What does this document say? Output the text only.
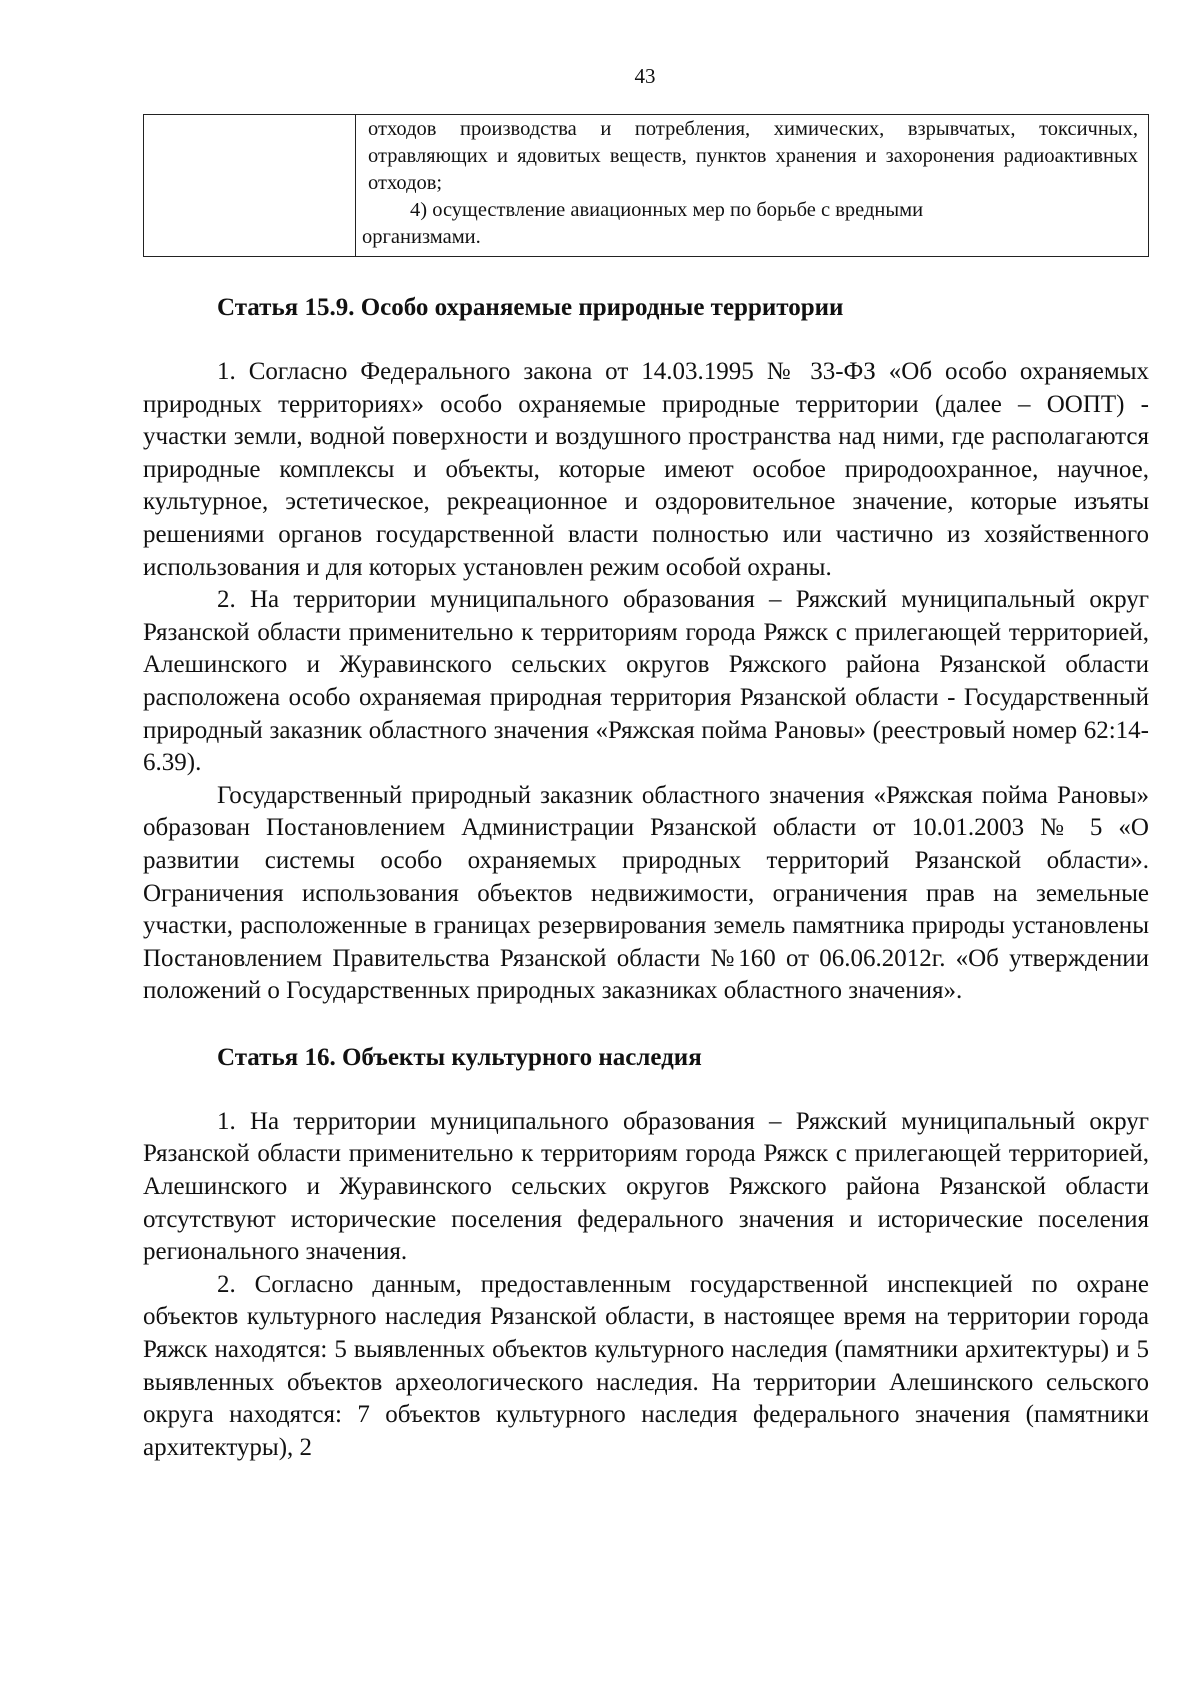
43

отходов производства и потребления, химических, взрывчатых, токсичных, отравляющих и ядовитых веществ, пунктов хранения и захоронения радиоактивных отходов;

4) осуществление авиационных мер по борьбе с вредными

организмами.

Статья 15.9. Особо охраняемые природные территории

1. Согласно Федерального закона от 14.03.1995 № 33-ФЗ «Об особо охраняемых природных территориях» особо охраняемые природные территории (далее – ООПТ) - участки земли, водной поверхности и воздушного пространства над ними, где располагаются природные комплексы и объекты, которые имеют особое природоохранное, научное, культурное, эстетическое, рекреационное и оздоровительное значение, которые изъяты решениями органов государственной власти полностью или частично из хозяйственного использования и для которых установлен режим особой охраны.

2. На территории муниципального образования – Ряжский муниципальный округ Рязанской области применительно к территориям города Ряжск с прилегающей территорией, Алешинского и Журавинского сельских округов Ряжского района Рязанской области расположена особо охраняемая природная территория Рязанской области - Государственный природный заказник областного значения «Ряжская пойма Рановы» (реестровый номер 62:14-6.39).

Государственный природный заказник областного значения «Ряжская пойма Рановы» образован Постановлением Администрации Рязанской области от 10.01.2003 № 5 «О развитии системы особо охраняемых природных территорий Рязанской области». Ограничения использования объектов недвижимости, ограничения прав на земельные участки, расположенные в границах резервирования земель памятника природы установлены Постановлением Правительства Рязанской области №160 от 06.06.2012г. «Об утверждении положений о Государственных природных заказниках областного значения».

Статья 16. Объекты культурного наследия

1. На территории муниципального образования – Ряжский муниципальный округ Рязанской области применительно к территориям города Ряжск с прилегающей территорией, Алешинского и Журавинского сельских округов Ряжского района Рязанской области отсутствуют исторические поселения федерального значения и исторические поселения регионального значения.

2. Согласно данным, предоставленным государственной инспекцией по охране объектов культурного наследия Рязанской области, в настоящее время на территории города Ряжск находятся: 5 выявленных объектов культурного наследия (памятники архитектуры) и 5 выявленных объектов археологического наследия. На территории Алешинского сельского округа находятся: 7 объектов культурного наследия федерального значения (памятники архитектуры), 2
